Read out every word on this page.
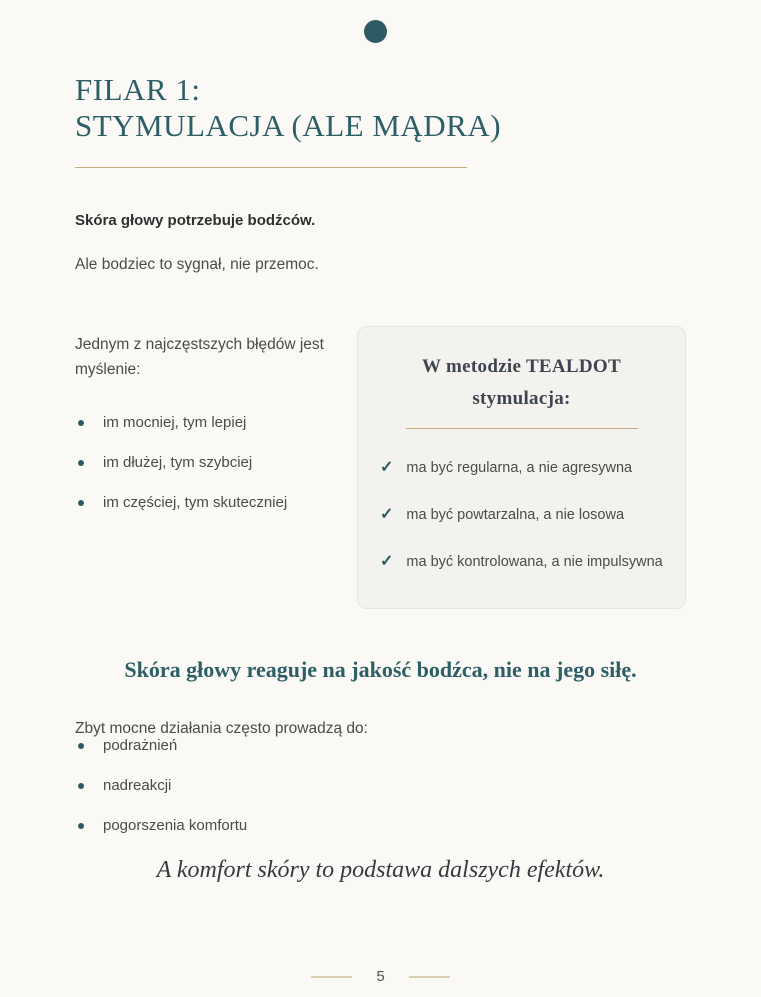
FILAR 1:
STYMULACJA (ALE MĄDRA)

Skóra głowy potrzebuje bodźców.

Ale bodziec to sygnał, nie przemoc.

Jednym z najczęstszych błędów jest myślenie:

im mocniej, tym lepiej
im dłużej, tym szybciej
im częściej, tym skuteczniej
W metodzie TEALDOT
stymulacja:
✓ ma być regularna, a nie agresywna
✓ ma być powtarzalna, a nie losowa
✓ ma być kontrolowana, a nie impulsywna
Skóra głowy reaguje na jakość bodźca, nie na jego siłę.

Zbyt mocne działania często prowadzą do:

podrażnień
nadreakcji
pogorszenia komfortu

A komfort skóry to podstawa dalszych efektów.

5
